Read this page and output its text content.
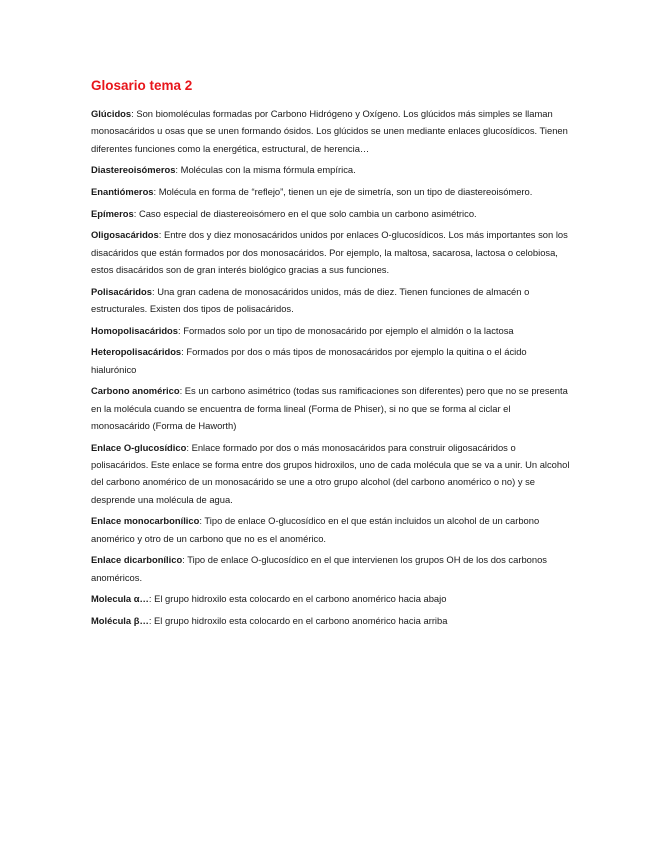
Glosario tema 2

Glúcidos: Son biomoléculas formadas por Carbono Hidrógeno y Oxígeno. Los glúcidos más simples se llaman monosacáridos u osas que se unen formando ósidos. Los glúcidos se unen mediante enlaces glucosídicos. Tienen diferentes funciones como la energética, estructural, de herencia…

Diastereoisómeros: Moléculas con la misma fórmula empírica.

Enantiómeros: Molécula en forma de “reflejo”, tienen un eje de simetría, son un tipo de diastereoisómero.

Epímeros: Caso especial de diastereoisómero en el que solo cambia un carbono asimétrico.

Oligosacáridos: Entre dos y diez monosacáridos unidos por enlaces O-glucosídicos. Los más importantes son los disacáridos que están formados por dos monosacáridos. Por ejemplo, la maltosa, sacarosa, lactosa o celobiosa, estos disacáridos son de gran interés biológico gracias a sus funciones.

Polisacáridos: Una gran cadena de monosacáridos unidos, más de diez. Tienen funciones de almacén o estructurales. Existen dos tipos de polisacáridos.

Homopolisacáridos: Formados solo por un tipo de monosacárido por ejemplo el almidón o la lactosa

Heteropolisacáridos: Formados por dos o más tipos de monosacáridos por ejemplo la quitina o el ácido hialurónico

Carbono anomérico: Es un carbono asimétrico (todas sus ramificaciones son diferentes) pero que no se presenta en la molécula cuando se encuentra de forma lineal (Forma de Phiser), si no que se forma al ciclar el monosacárido (Forma de Haworth)

Enlace O-glucosídico: Enlace formado por dos o más monosacáridos para construir oligosacáridos o polisacáridos. Este enlace se forma entre dos grupos hidroxilos, uno de cada molécula que se va a unir. Un alcohol del carbono anomérico de un monosacárido se une a otro grupo alcohol (del carbono anomérico o no) y se desprende una molécula de agua.

Enlace monocarbonílico: Tipo de enlace O-glucosídico en el que están incluidos un alcohol de un carbono anomérico y otro de un carbono que no es el anomérico.

Enlace dicarbonílico: Tipo de enlace O-glucosídico en el que intervienen los grupos OH de los dos carbonos anoméricos.

Molecula α…: El grupo hidroxilo esta colocardo en el carbono anomérico hacia abajo

Molécula β…: El grupo hidroxilo esta colocardo en el carbono anomérico hacia arriba
